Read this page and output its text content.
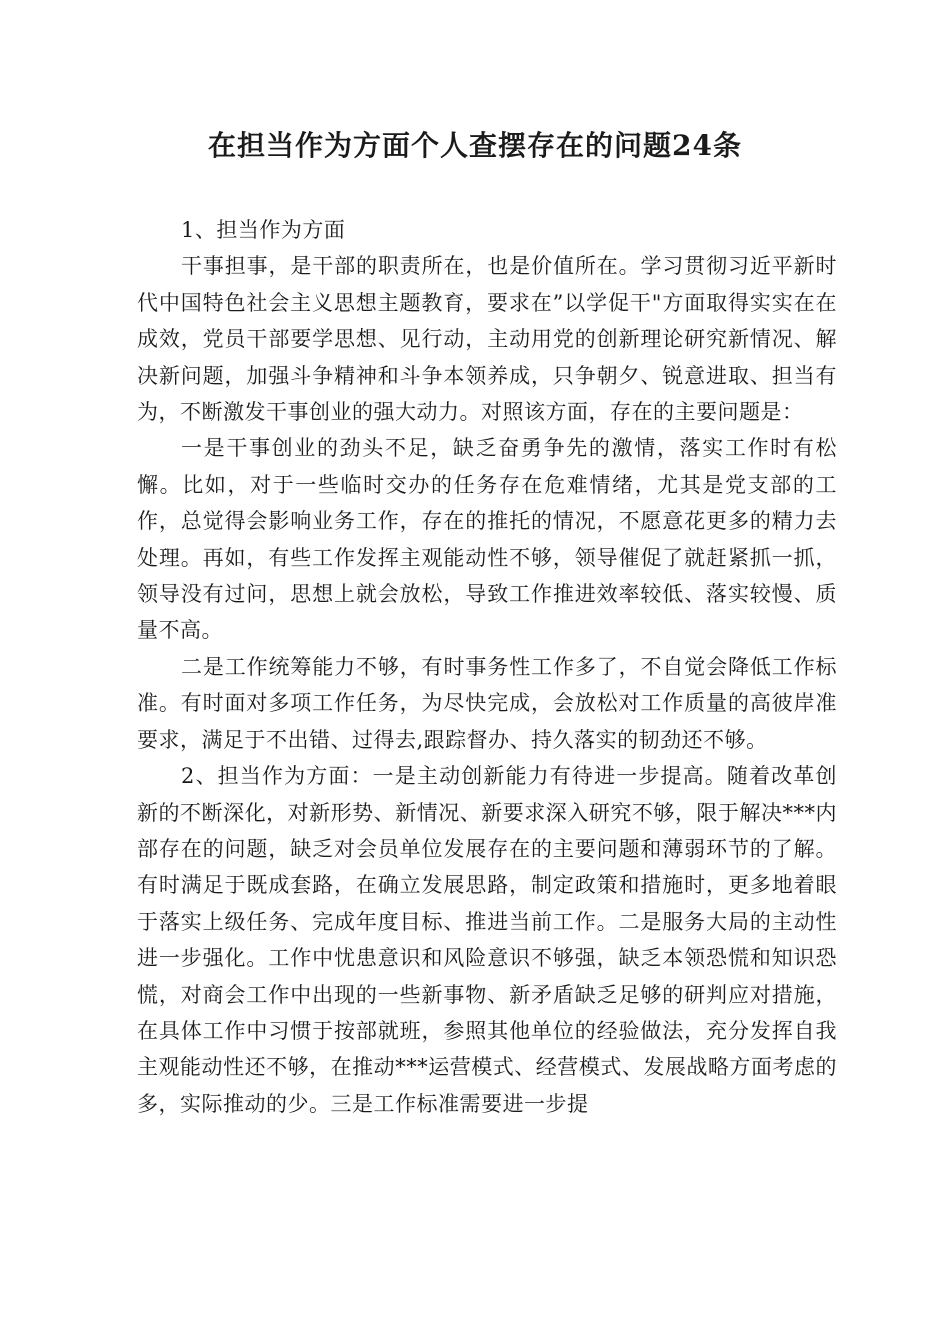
在担当作为方面个人查摆存在的问题24条

1、担当作为方面

干事担事，是干部的职责所在，也是价值所在。学习贯彻习近平新时代中国特色社会主义思想主题教育，要求在”以学促干"方面取得实实在在成效，党员干部要学思想、见行动，主动用党的创新理论研究新情况、解决新问题，加强斗争精神和斗争本领养成，只争朝夕、锐意进取、担当有为，不断激发干事创业的强大动力。对照该方面，存在的主要问题是：

一是干事创业的劲头不足，缺乏奋勇争先的激情，落实工作时有松懈。比如，对于一些临时交办的任务存在危难情绪，尤其是党支部的工作，总觉得会影响业务工作，存在的推托的情况，不愿意花更多的精力去处理。再如，有些工作发挥主观能动性不够，领导催促了就赶紧抓一抓，领导没有过问，思想上就会放松，导致工作推进效率较低、落实较慢、质量不高。

二是工作统筹能力不够，有时事务性工作多了，不自觉会降低工作标准。有时面对多项工作任务，为尽快完成，会放松对工作质量的高彼岸准要求，满足于不出错、过得去,跟踪督办、持久落实的韧劲还不够。

2、担当作为方面：一是主动创新能力有待进一步提高。随着改革创新的不断深化，对新形势、新情况、新要求深入研究不够，限于解决***内部存在的问题，缺乏对会员单位发展存在的主要问题和薄弱环节的了解。有时满足于既成套路，在确立发展思路，制定政策和措施时，更多地着眼于落实上级任务、完成年度目标、推进当前工作。二是服务大局的主动性进一步强化。工作中忧患意识和风险意识不够强，缺乏本领恐慌和知识恐慌，对商会工作中出现的一些新事物、新矛盾缺乏足够的研判应对措施，在具体工作中习惯于按部就班，参照其他单位的经验做法，充分发挥自我主观能动性还不够，在推动***运营模式、经营模式、发展战略方面考虑的多，实际推动的少。三是工作标准需要进一步提
